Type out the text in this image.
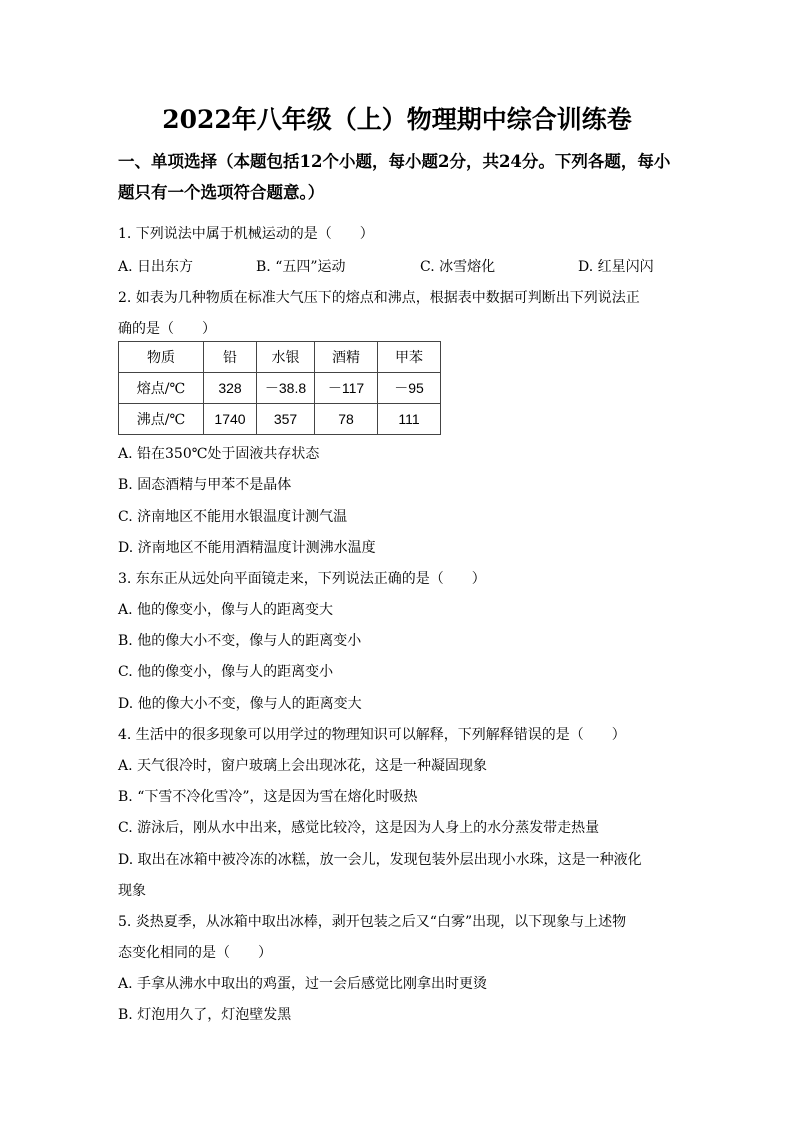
2022年八年级（上）物理期中综合训练卷
一、单项选择（本题包括12个小题，每小题2分，共24分。下列各题，每小
题只有一个选项符合题意。）
1. 下列说法中属于机械运动的是（　　）
A. 日出东方	B. “五四”运动	C. 冰雪熔化	D. 红星闪闪
2. 如表为几种物质在标准大气压下的熔点和沸点，根据表中数据可判断出下列说法正
确的是（　　）
物质	铅	水银	酒精	甲苯
熔点/℃	328	－38.8	－117	－95
沸点/℃	1740	357	78	111
A. 铅在350℃处于固液共存状态
B. 固态酒精与甲苯不是晶体
C. 济南地区不能用水银温度计测气温
D. 济南地区不能用酒精温度计测沸水温度
3. 东东正从远处向平面镜走来，下列说法正确的是（　　）
A. 他的像变小，像与人的距离变大
B. 他的像大小不变，像与人的距离变小
C. 他的像变小，像与人的距离变小
D. 他的像大小不变，像与人的距离变大
4. 生活中的很多现象可以用学过的物理知识可以解释，下列解释错误的是（　　）
A. 天气很冷时，窗户玻璃上会出现冰花，这是一种凝固现象
B. “下雪不冷化雪冷”，这是因为雪在熔化时吸热
C. 游泳后，刚从水中出来，感觉比较冷，这是因为人身上的水分蒸发带走热量
D. 取出在冰箱中被冷冻的冰糕，放一会儿，发现包装外层出现小水珠，这是一种液化
现象
5. 炎热夏季，从冰箱中取出冰棒，剥开包装之后又“白雾”出现，以下现象与上述物
态变化相同的是（　　）
A. 手拿从沸水中取出的鸡蛋，过一会后感觉比刚拿出时更烫
B. 灯泡用久了，灯泡壁发黑
